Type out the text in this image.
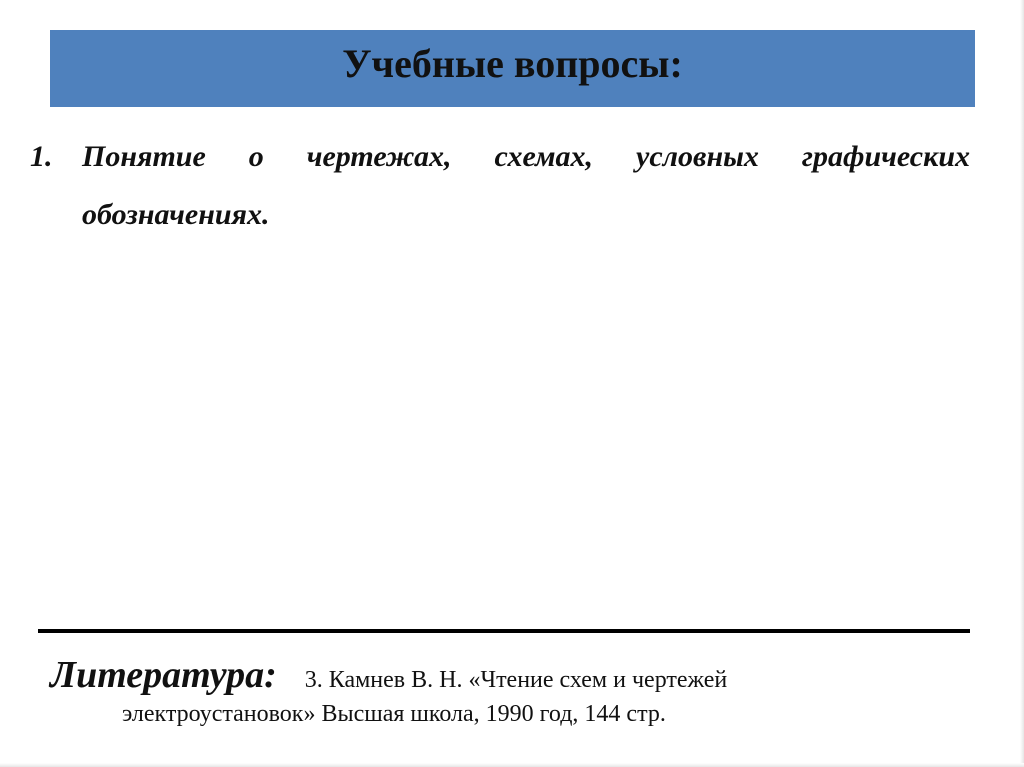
Учебные вопросы:
1. Понятие о чертежах, схемах, условных графических обозначениях.
Литература: 3. Камнев В. Н. «Чтение схем и чертежей
электроустановок» Высшая школа, 1990 год, 144 стр.
